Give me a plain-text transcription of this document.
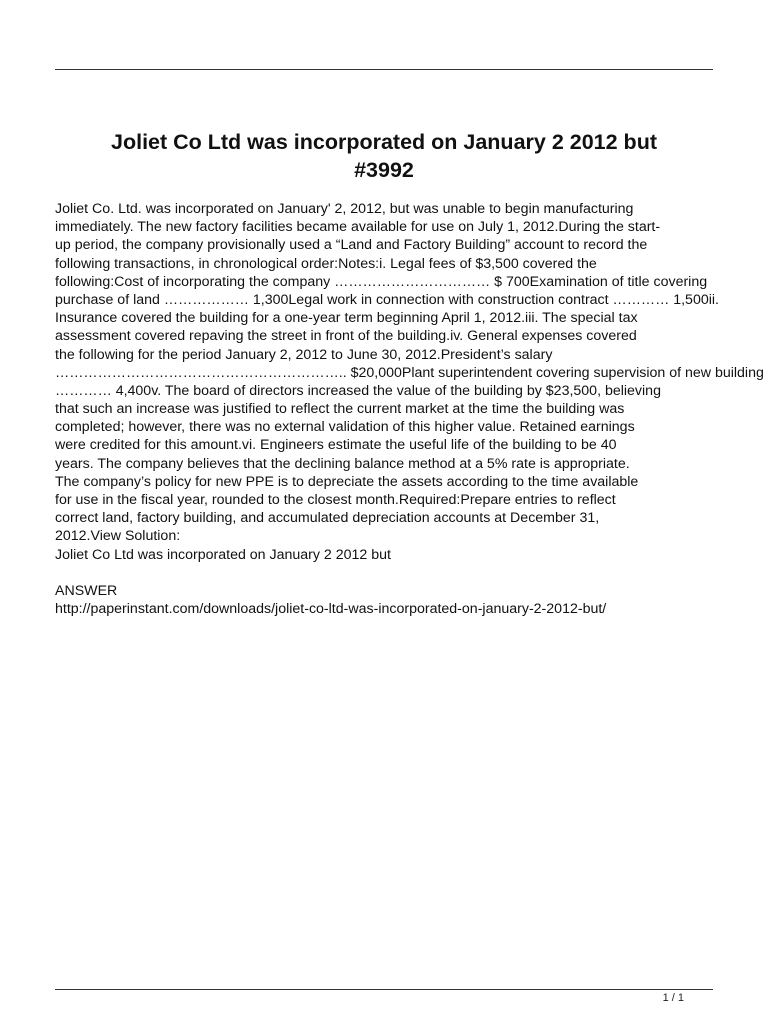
Joliet Co Ltd was incorporated on January 2 2012 but
#3992
Joliet Co. Ltd. was incorporated on January' 2, 2012, but was unable to begin manufacturing
immediately. The new factory facilities became available for use on July 1, 2012.During the start-
up period, the company provisionally used a “Land and Factory Building” account to record the
following transactions, in chronological order:Notes:i. Legal fees of $3,500 covered the
following:Cost of incorporating the company …………………………… $ 700Examination of title covering
purchase of land ……………… 1,300Legal work in connection with construction contract ………… 1,500ii.
Insurance covered the building for a one-year term beginning April 1, 2012.iii. The special tax
assessment covered repaving the street in front of the building.iv. General expenses covered
the following for the period January 2, 2012 to June 30, 2012.President’s salary
…………………………………………………….. $20,000Plant superintendent covering supervision of new building
………… 4,400v. The board of directors increased the value of the building by $23,500, believing
that such an increase was justified to reflect the current market at the time the building was
completed; however, there was no external validation of this higher value. Retained earnings
were credited for this amount.vi. Engineers estimate the useful life of the building to be 40
years. The company believes that the declining balance method at a 5% rate is appropriate.
The company’s policy for new PPE is to depreciate the assets according to the time available
for use in the fiscal year, rounded to the closest month.Required:Prepare entries to reflect
correct land, factory building, and accumulated depreciation accounts at December 31,
2012.View Solution:
Joliet Co Ltd was incorporated on January 2 2012 but
ANSWER
http://paperinstant.com/downloads/joliet-co-ltd-was-incorporated-on-january-2-2012-but/
1 / 1
